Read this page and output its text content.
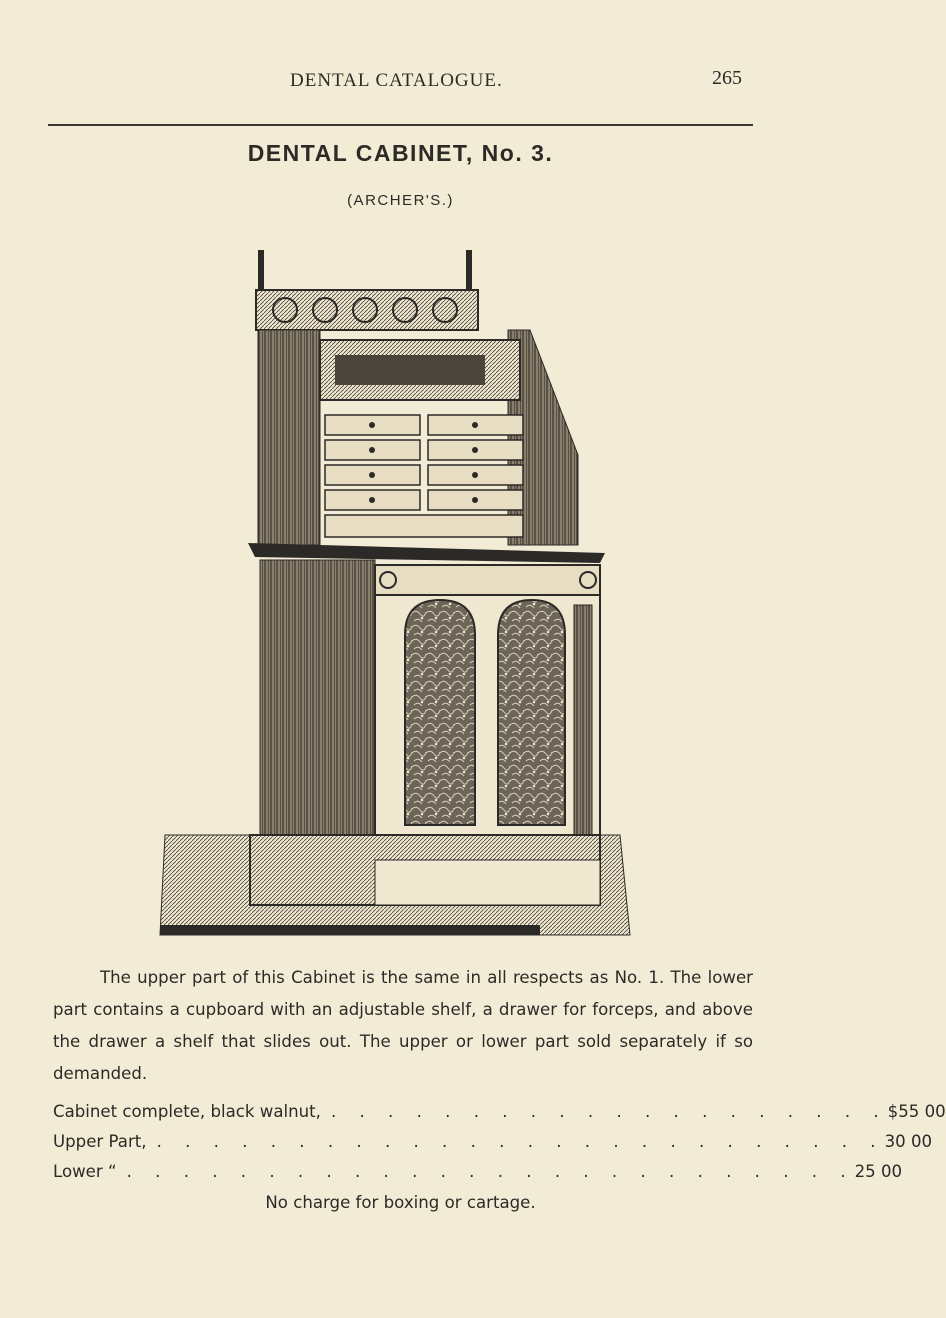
DENTAL CATALOGUE.	265
DENTAL CABINET, No. 3.
(ARCHER'S.)

The upper part of this Cabinet is the same in all respects as No. 1. The lower part contains a cupboard with an adjustable shelf, a drawer for forceps, and above the drawer a shelf that slides out. The upper or lower part sold separately if so demanded.

Cabinet complete, black walnut, . . . . . . . . . . . . . . . . . . . . $55 00
Upper Part, . . . . . . . . . . . . . . . . . . . . . . . . . . 30 00
Lower “ . . . . . . . . . . . . . . . . . . . . . . . . . . 25 00
No charge for boxing or cartage.
